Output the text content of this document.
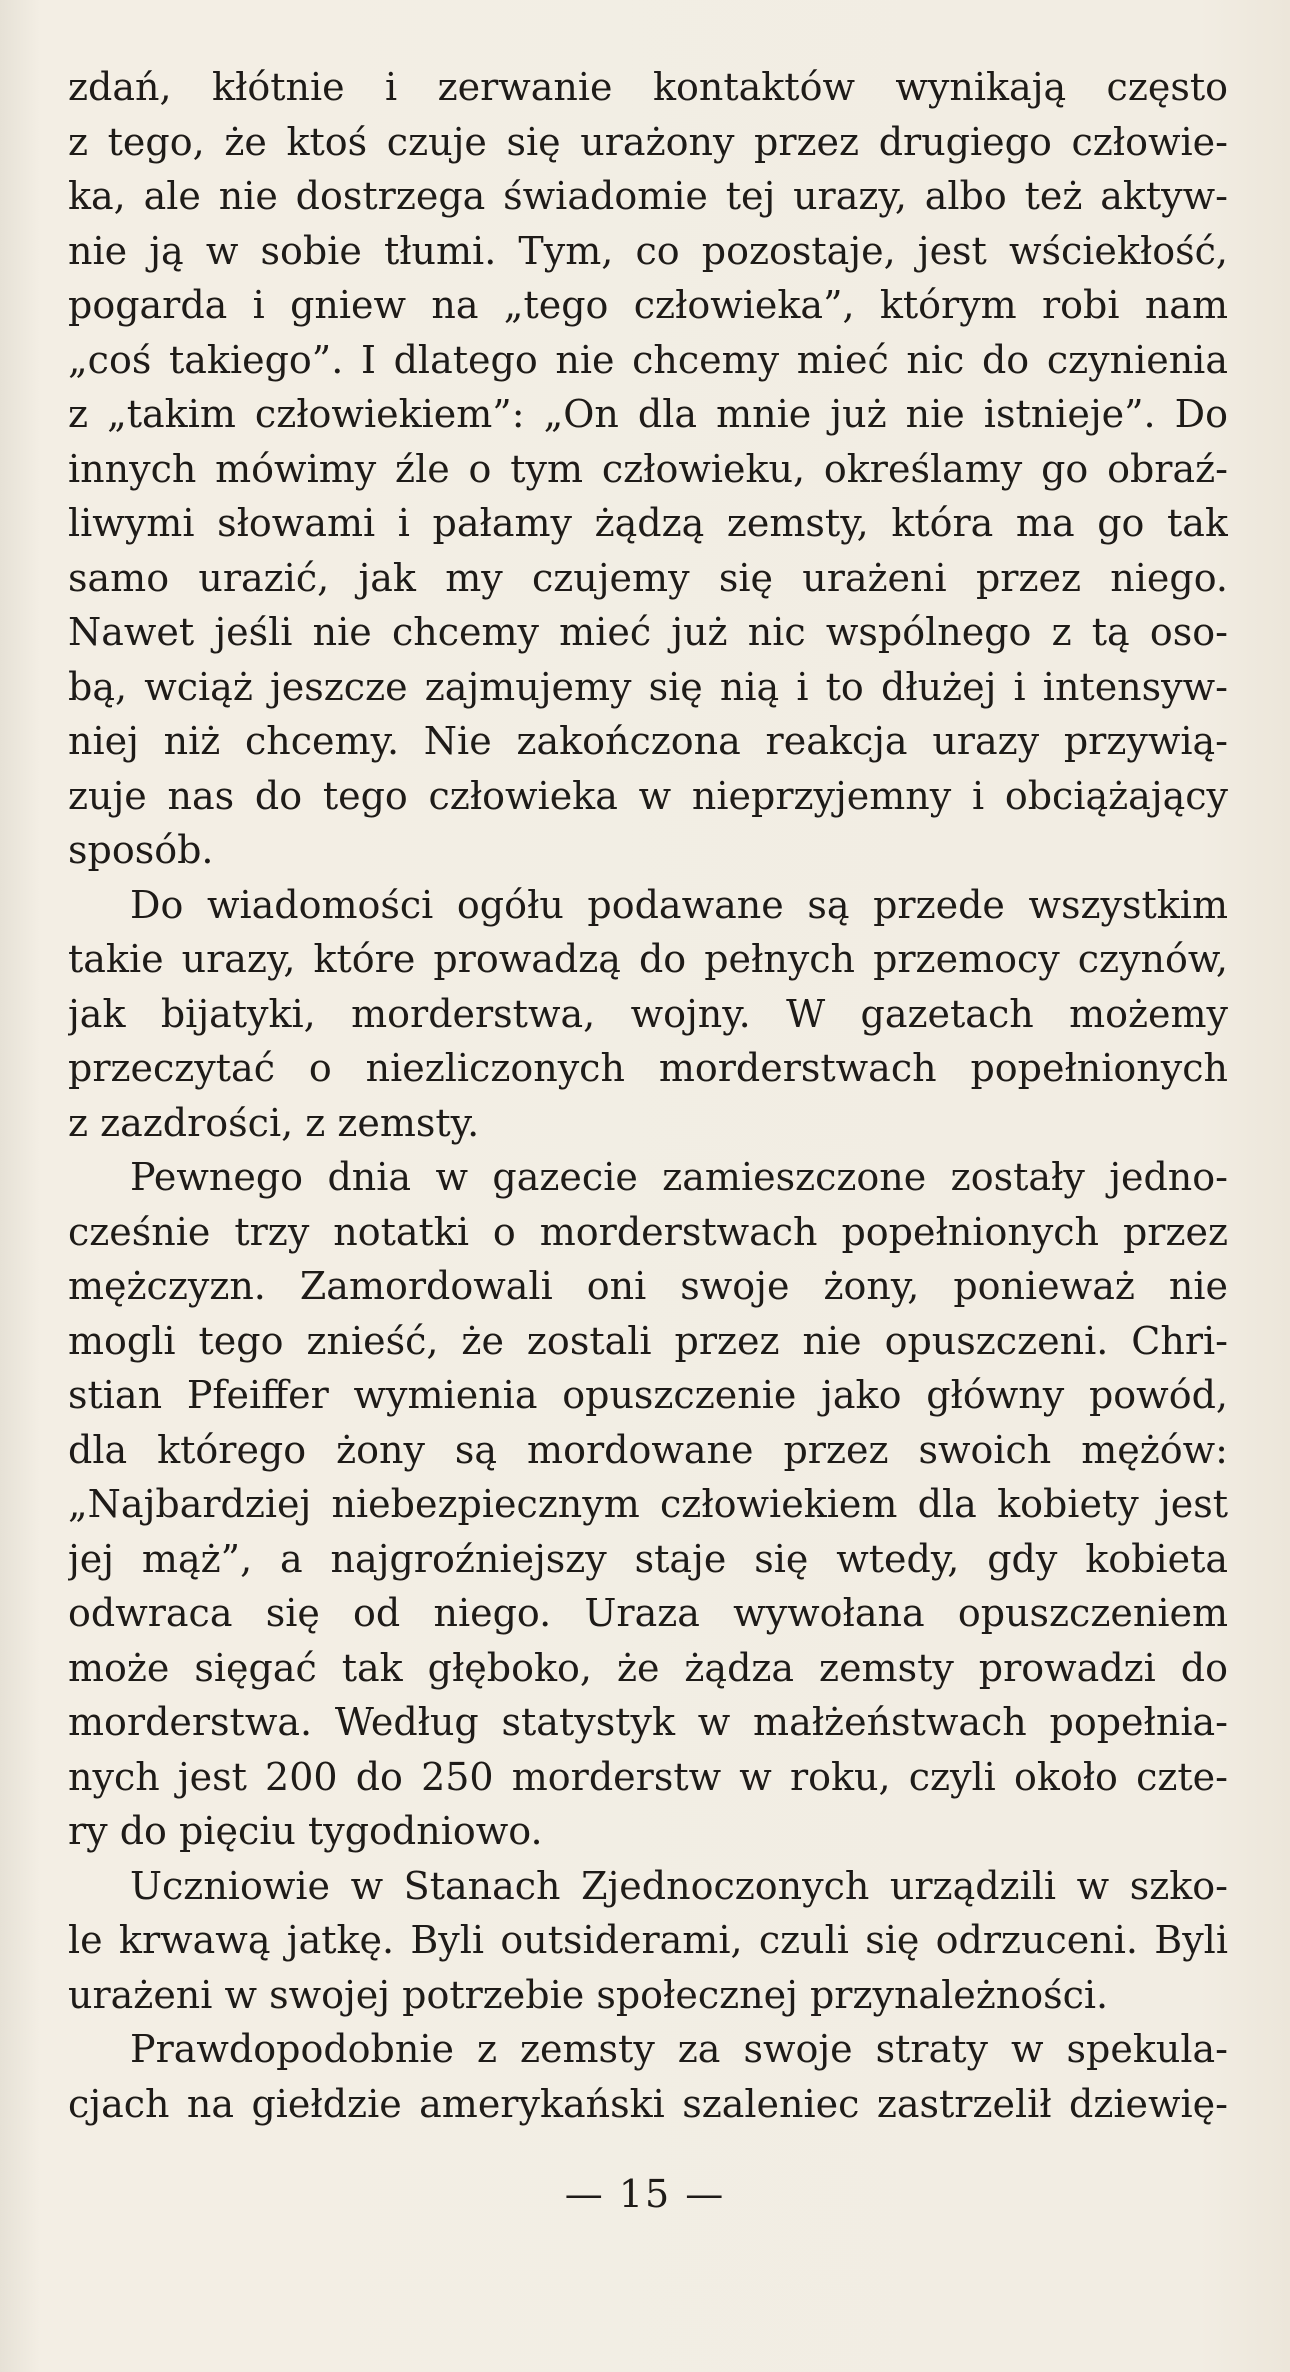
zdań, kłótnie i zerwanie kontaktów wynikają często
z tego, że ktoś czuje się urażony przez drugiego człowie-
ka, ale nie dostrzega świadomie tej urazy, albo też aktyw-
nie ją w sobie tłumi. Tym, co pozostaje, jest wściekłość,
pogarda i gniew na „tego człowieka”, którym robi nam
„coś takiego”. I dlatego nie chcemy mieć nic do czynienia
z „takim człowiekiem”: „On dla mnie już nie istnieje”. Do
innych mówimy źle o tym człowieku, określamy go obraź-
liwymi słowami i pałamy żądzą zemsty, która ma go tak
samo urazić, jak my czujemy się urażeni przez niego.
Nawet jeśli nie chcemy mieć już nic wspólnego z tą oso-
bą, wciąż jeszcze zajmujemy się nią i to dłużej i intensyw-
niej niż chcemy. Nie zakończona reakcja urazy przywią-
zuje nas do tego człowieka w nieprzyjemny i obciążający
sposób.
Do wiadomości ogółu podawane są przede wszystkim
takie urazy, które prowadzą do pełnych przemocy czynów,
jak bijatyki, morderstwa, wojny. W gazetach możemy
przeczytać o niezliczonych morderstwach popełnionych
z zazdrości, z zemsty.
Pewnego dnia w gazecie zamieszczone zostały jedno-
cześnie trzy notatki o morderstwach popełnionych przez
mężczyzn. Zamordowali oni swoje żony, ponieważ nie
mogli tego znieść, że zostali przez nie opuszczeni. Chri-
stian Pfeiffer wymienia opuszczenie jako główny powód,
dla którego żony są mordowane przez swoich mężów:
„Najbardziej niebezpiecznym człowiekiem dla kobiety jest
jej mąż”, a najgroźniejszy staje się wtedy, gdy kobieta
odwraca się od niego. Uraza wywołana opuszczeniem
może sięgać tak głęboko, że żądza zemsty prowadzi do
morderstwa. Według statystyk w małżeństwach popełnia-
nych jest 200 do 250 morderstw w roku, czyli około czte-
ry do pięciu tygodniowo.
Uczniowie w Stanach Zjednoczonych urządzili w szko-
le krwawą jatkę. Byli outsiderami, czuli się odrzuceni. Byli
urażeni w swojej potrzebie społecznej przynależności.
Prawdopodobnie z zemsty za swoje straty w spekula-
cjach na giełdzie amerykański szaleniec zastrzelił dziewię-
— 15 —
